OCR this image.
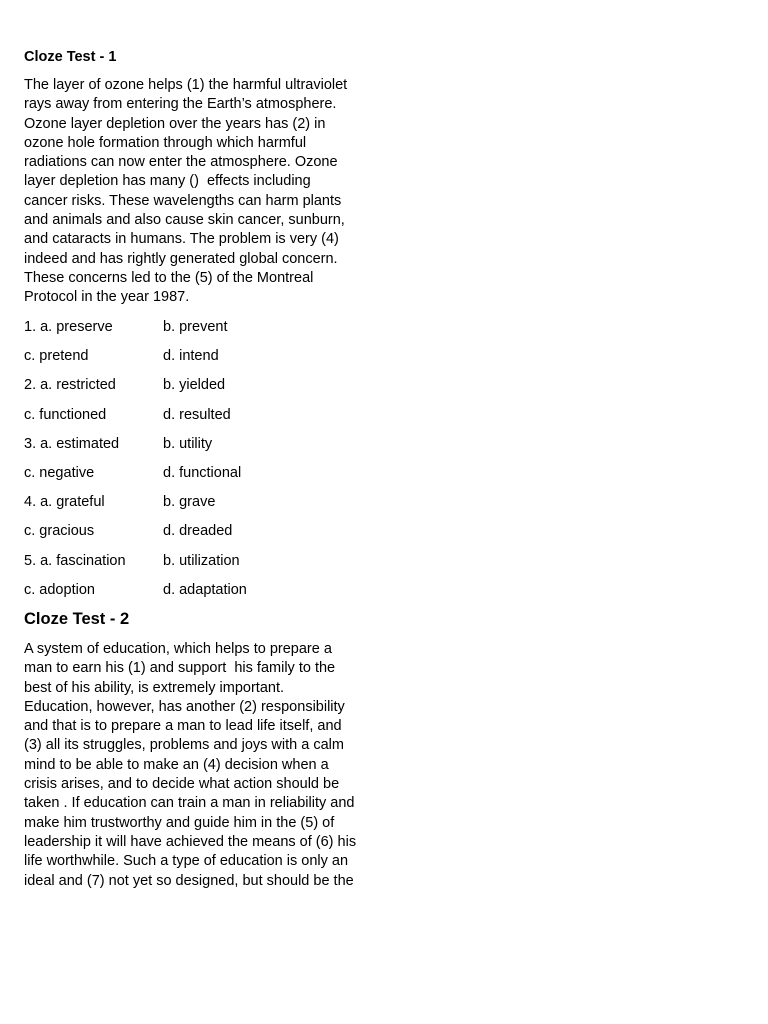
Cloze Test - 1
The layer of ozone helps (1) the harmful ultraviolet
rays away from entering the Earth’s atmosphere.
Ozone layer depletion over the years has (2) in
ozone hole formation through which harmful
radiations can now enter the atmosphere. Ozone
layer depletion has many ()  effects including
cancer risks. These wavelengths can harm plants
and animals and also cause skin cancer, sunburn,
and cataracts in humans. The problem is very (4)
indeed and has rightly generated global concern.
These concerns led to the (5) of the Montreal
Protocol in the year 1987.
1. a. preserve	b. prevent
c. pretend	d. intend
2. a. restricted	b. yielded
c. functioned	d. resulted
3. a. estimated	b. utility
c. negative	d. functional
4. a. grateful	b. grave
c. gracious	d. dreaded
5. a. fascination	b. utilization
c. adoption	d. adaptation
Cloze Test - 2
A system of education, which helps to prepare a
man to earn his (1) and support  his family to the
best of his ability, is extremely important.
Education, however, has another (2) responsibility
and that is to prepare a man to lead life itself, and
(3) all its struggles, problems and joys with a calm
mind to be able to make an (4) decision when a
crisis arises, and to decide what action should be
taken . If education can train a man in reliability and
make him trustworthy and guide him in the (5) of
leadership it will have achieved the means of (6) his
life worthwhile. Such a type of education is only an
ideal and (7) not yet so designed, but should be the
